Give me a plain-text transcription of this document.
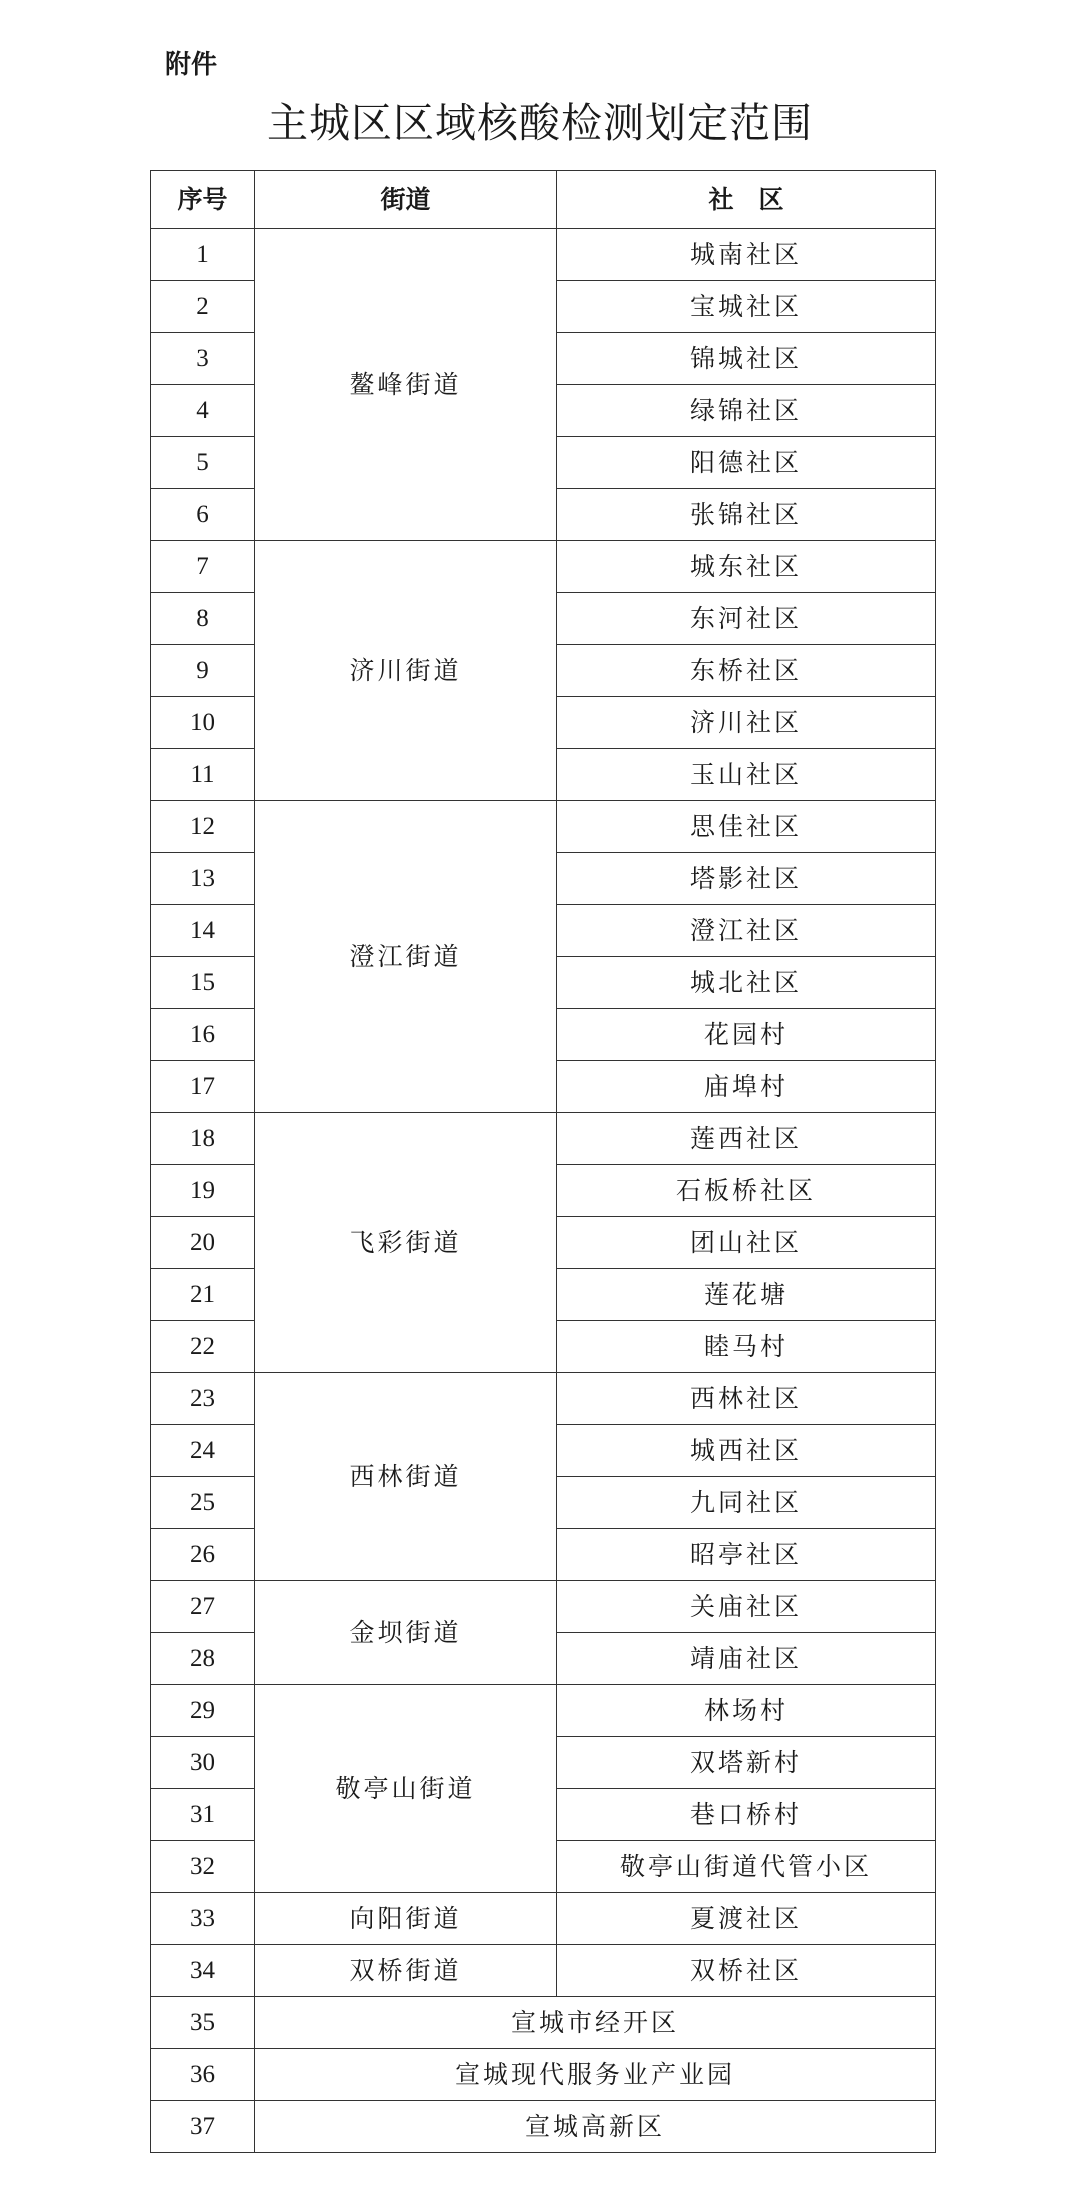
附件
主城区区域核酸检测划定范围
序号	街道	社　区
1	鳌峰街道	城南社区
2		宝城社区
3		锦城社区
4		绿锦社区
5		阳德社区
6		张锦社区
7	济川街道	城东社区
8		东河社区
9		东桥社区
10		济川社区
11		玉山社区
12	澄江街道	思佳社区
13		塔影社区
14		澄江社区
15		城北社区
16		花园村
17		庙埠村
18	飞彩街道	莲西社区
19		石板桥社区
20		团山社区
21		莲花塘
22		睦马村
23	西林街道	西林社区
24		城西社区
25		九同社区
26		昭亭社区
27	金坝街道	关庙社区
28		靖庙社区
29	敬亭山街道	林场村
30		双塔新村
31		巷口桥村
32		敬亭山街道代管小区
33	向阳街道	夏渡社区
34	双桥街道	双桥社区
35	宣城市经开区	
36	宣城现代服务业产业园	
37	宣城高新区	
